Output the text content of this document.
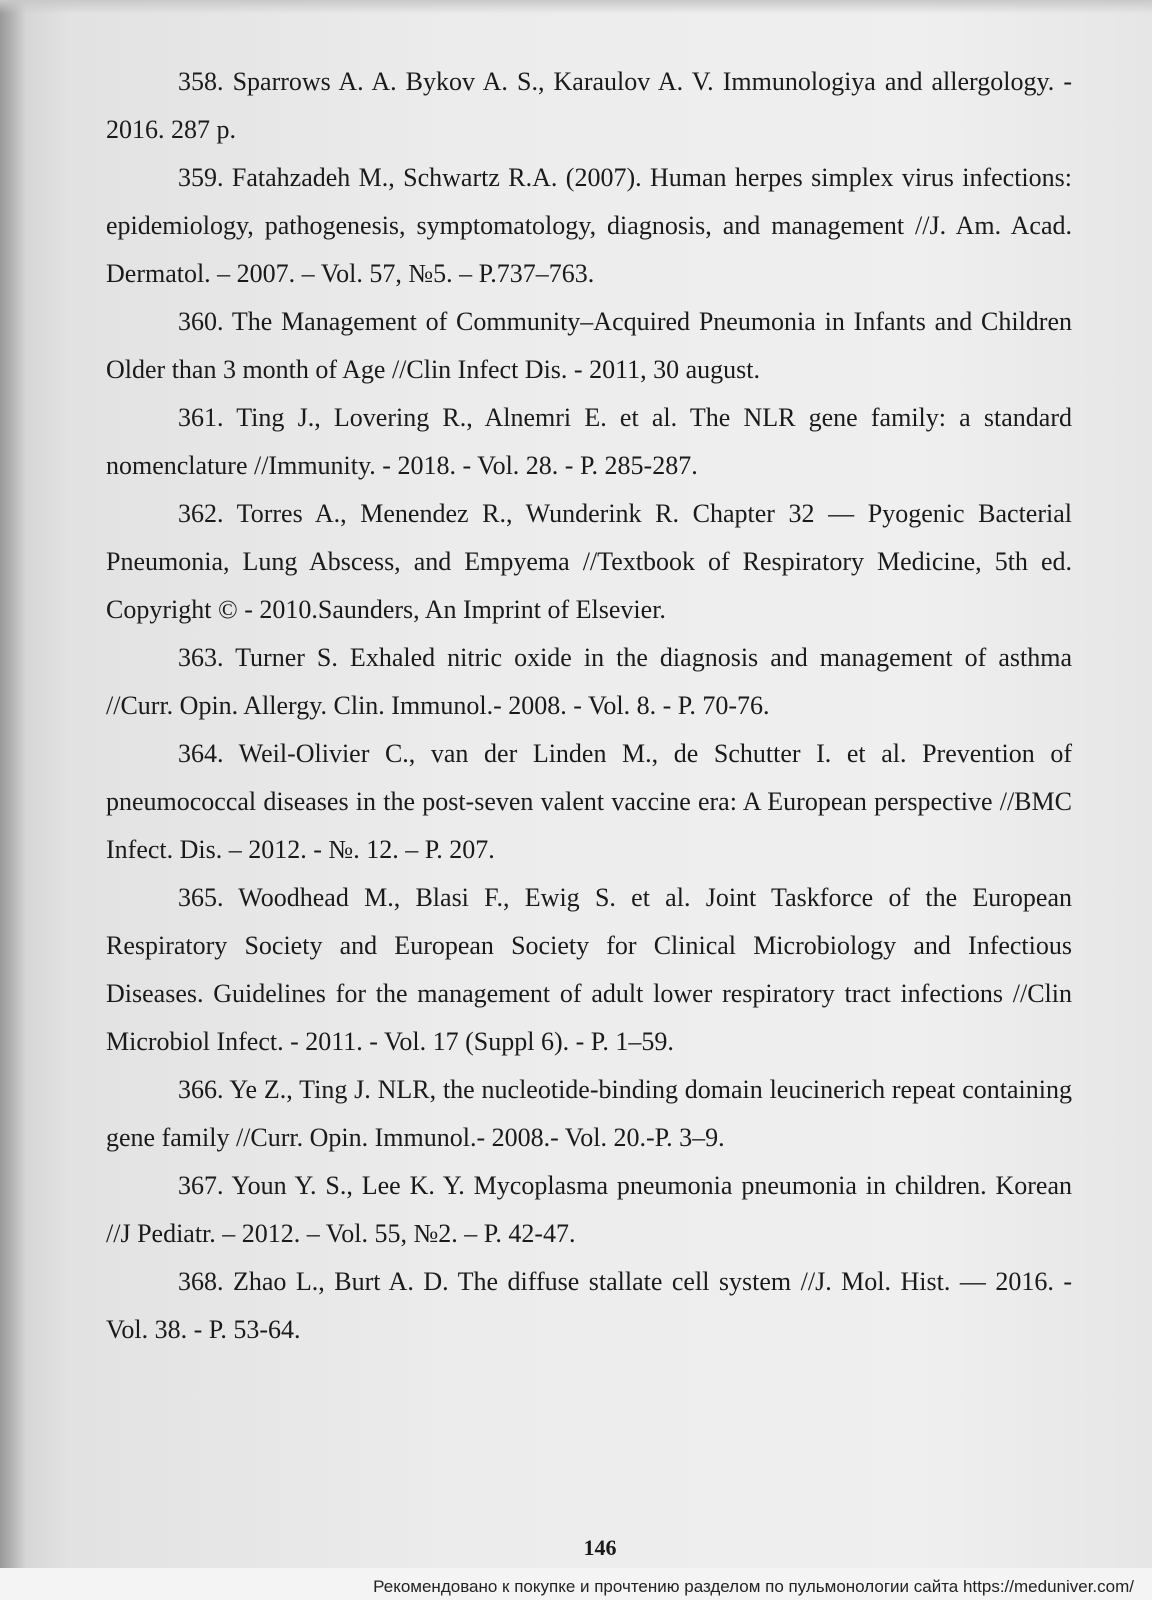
358. Sparrows A. A. Bykov A. S., Karaulov A. V. Immunologiya and allergology. - 2016. 287 p.

359. Fatahzadeh M., Schwartz R.A. (2007). Human herpes simplex virus infections: epidemiology, pathogenesis, symptomatology, diagnosis, and management //J. Am. Acad. Dermatol. – 2007. – Vol. 57, №5. – P.737–763.

360. The Management of Community–Acquired Pneumonia in Infants and Children Older than 3 month of Age //Clin Infect Dis. - 2011, 30 august.

361. Ting J., Lovering R., Alnemri E. et al. The NLR gene family: a standard nomenclature //Immunity. - 2018. - Vol. 28. - P. 285-287.

362. Torres A., Menendez R., Wunderink R. Chapter 32 — Pyogenic Bacterial Pneumonia, Lung Abscess, and Empyema //Textbook of Respiratory Medicine, 5th ed. Copyright © - 2010.Saunders, An Imprint of Elsevier.

363. Turner S. Exhaled nitric oxide in the diagnosis and management of asthma //Curr. Opin. Allergy. Clin. Immunol.- 2008. - Vol. 8. - P. 70-76.

364. Weil-Olivier C., van der Linden M., de Schutter I. et al. Prevention of pneumococcal diseases in the post-seven valent vaccine era: A European perspective //BMC Infect. Dis. – 2012. - №. 12. – P. 207.

365. Woodhead M., Blasi F., Ewig S. et al. Joint Taskforce of the European Respiratory Society and European Society for Clinical Microbiology and Infectious Diseases. Guidelines for the management of adult lower respiratory tract infections //Clin Microbiol Infect. - 2011. - Vol. 17 (Suppl 6). - P. 1–59.

366. Ye Z., Ting J. NLR, the nucleotide-binding domain leucinerich repeat containing gene family //Curr. Opin. Immunol.- 2008.- Vol. 20.-P. 3–9.

367. Youn Y. S., Lee K. Y. Mycoplasma pneumonia pneumonia in children. Korean //J Pediatr. – 2012. – Vol. 55, №2. – P. 42-47.

368. Zhao L., Burt A. D. The diffuse stallate cell system //J. Mol. Hist. — 2016. - Vol. 38. - P. 53-64.

146
Рекомендовано к покупке и прочтению разделом по пульмонологии сайта https://meduniver.com/
